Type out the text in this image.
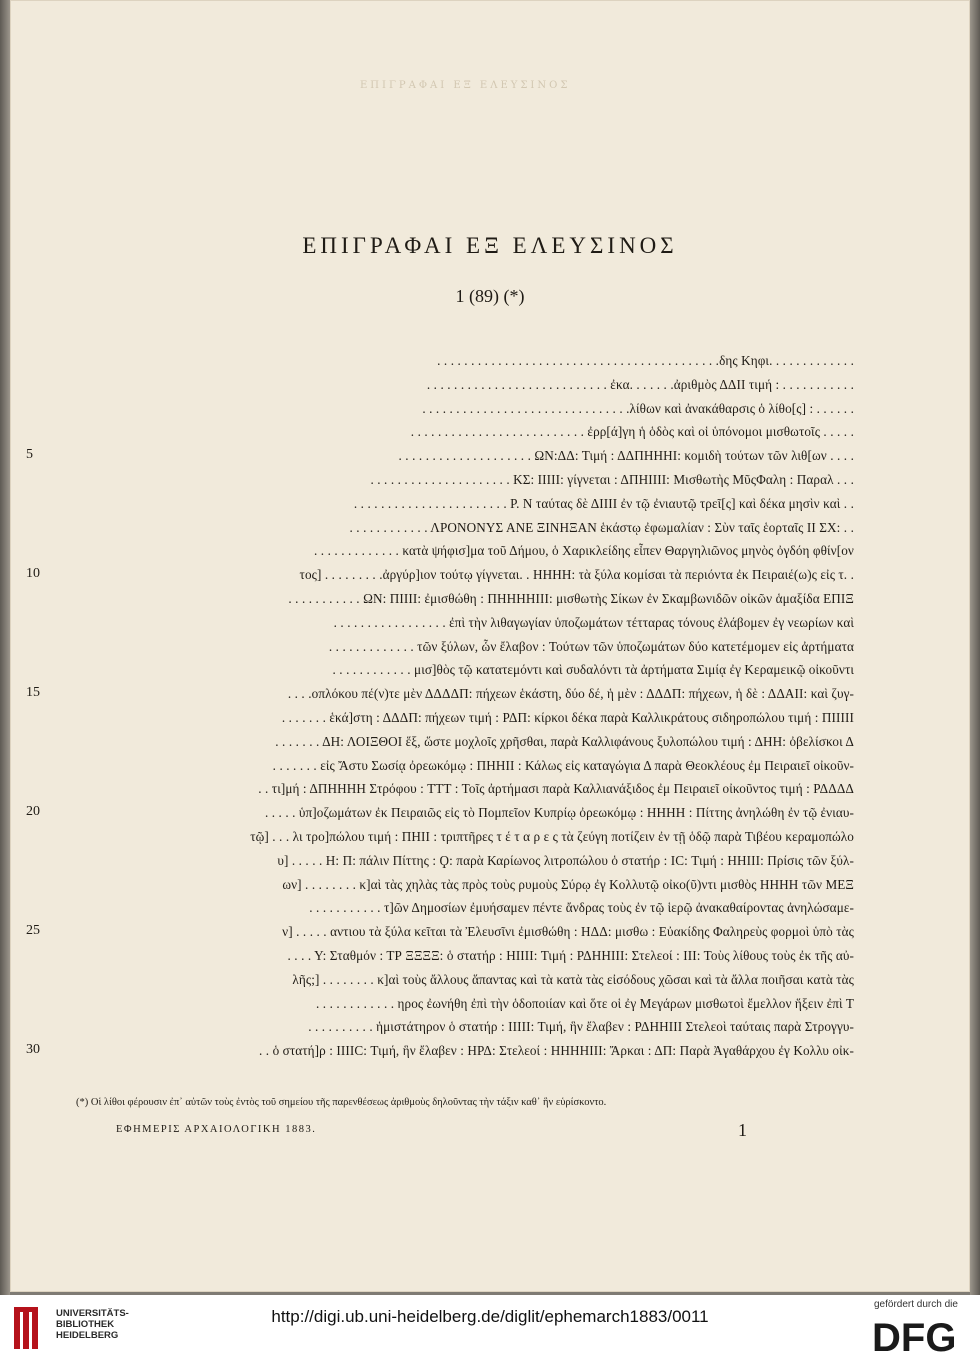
ΕΠΙΓΡΑΦΑΙ ΕΞ ΕΛΕΥΣΙΝΟΣ
ΕΠΙΓΡΑΦΑΙ ΕΞ ΕΛΕΥΣΙΝΟΣ
1 (89) (*)
. . . . . . . . . . . . . . . . . . . . . . . . . . . . . . . . . . . . . . . . . .δης Κηφι. . . . . . . . . . . . .
. . . . . . . . . . . . . . . . . . . . . . . . . . . ἐκα. . . . . . .ἀριθμὸς ΔΔΙΙ τιμή : . . . . . . . . . . .
. . . . . . . . . . . . . . . . . . . . . . . . . . . . . . .λίθων καὶ ἀνακάθαρσις ὁ λίθο[ς] : . . . . . .
. . . . . . . . . . . . . . . . . . . . . . . . . . ἐρρ[ά]γη ἡ ὁδὸς καὶ οἱ ὑπόνομοι μισθωτοῖς . . . . .
5	. . . . . . . . . . . . . . . . . . . . ΩΝ:ΔΔ: Τιμή : ΔΔΠΗΗΗΙ: κομιδὴ τούτων τῶν λιθ[ων . . . .
. . . . . . . . . . . . . . . . . . . . . ΚΣ: ΙΙΙΙΙ: γίγνεται : ΔΠΗΙΙΙΙ: Μισθωτὴς ΜῦςΦαλη : Παραλ . . .
. . . . . . . . . . . . . . . . . . . . . . . P. Ν ταύτας δὲ ΔΙΙΙΙ ἐν τῷ ἐνιαυτῷ τρεῖ[ς] καὶ δέκα μησὶν καὶ . .
. . . . . . . . . . . . ΛΡΟΝΟΝΥΣ ΑΝΕ ΞΙΝΗΞΑΝ ἑκάστῳ ἐφωμαλίαν : Σὺν ταῖς ἑορταῖς ΙΙ ΣΧ: . .
. . . . . . . . . . . . . κατὰ ψήφισ]μα τοῦ Δήμου, ὁ Χαρικλείδης εἶπεν Θαργηλιῶνος μηνὸς ὀγδόη φθίν[ον
10	τος] . . . . . . . . .ἀργύρ]ιον τούτῳ γίγνεται. . ΗΗΗΗ: τὰ ξύλα κομίσαι τὰ περιόντα ἐκ Πειραιέ(ω)ς εἰς τ. .
. . . . . . . . . . . ΩΝ: ΠΙΙΙΙ: ἐμισθώθη : ΠΗΗΗΗΙΙΙ: μισθωτὴς Σίκων ἐν Σκαμβωνιδῶν οἰκῶν ἁμαξίδα ΕΠΙΞ
. . . . . . . . . . . . . . . . . ἐπὶ τὴν λιθαγωγίαν ὑποζωμάτων τέτταρας τόνους ἐλάβομεν ἐγ νεωρίων καὶ
. . . . . . . . . . . . . τῶν ξύλων, ὧν ἔλαβον : Τούτων τῶν ὑποζωμάτων δύο κατετέμομεν εἰς ἀρτήματα
. . . . . . . . . . . . μισ]θὸς τῷ κατατεμόντι καὶ συδαλόντι τὰ ἀρτήματα Σιμίᾳ ἐγ Κεραμεικῷ οἰκοῦντι
15	. . . .οπλόκου πέ(ν)τε μὲν ΔΔΔΔΠ: πήχεων ἑκάστη, δύο δέ, ἡ μὲν : ΔΔΔΠ: πήχεων, ἡ δὲ : ΔΔΑΙΙ: καὶ ζυγ-
. . . . . . . ἑκά]στη : ΔΔΔΠ: πήχεων τιμή : ΡΔΠ: κίρκοι δέκα παρὰ Καλλικράτους σιδηροπώλου τιμή : ΠΙΙΙΙΙ
. . . . . . . ΔΗ: ΛΟΙΞΘΟΙ ἕξ, ὥστε μοχλοῖς χρῆσθαι, παρὰ Καλλιφάνους ξυλοπώλου τιμή : ΔΗΗ: ὀβελίσκοι Δ
. . . . . . . εἰς Ἄστυ Σωσίᾳ ὀρεωκόμῳ : ΠΗΗΙΙ : Κάλως εἰς καταγώγια Δ παρὰ Θεοκλέους ἐμ Πειραιεῖ οἰκοῦν-
. . τι]μή : ΔΠΗΗΗΗ Στρόφου : ΤΤΤ : Τοῖς ἀρτήμασι παρὰ Καλλιανάξιδος ἐμ Πειραιεῖ οἰκοῦντος τιμή : ΡΔΔΔΔ
20	. . . . . ὑπ]οζωμάτων ἐκ Πειραιῶς εἰς τὸ Πομπεῖον Κυπρίῳ ὀρεωκόμῳ : ΗΗΗΗ : Πίττης ἀνηλώθη ἐν τῷ ἐνιαυ-
τῷ] . . . λι τρο]πώλου τιμή : ΠΗΙΙ : τριπτῆρες τ έ τ α ρ ε ς τὰ ζεύγη ποτίζειν ἐν τῇ ὁδῷ παρὰ Τιβέου κεραμοπώλο
υ] . . . . . Η: Π: πάλιν Πίττης : Ϙ: παρὰ Καρίωνος λιτροπώλου ὁ στατήρ : ΙC: Τιμή : ΗΗΙΙΙ: Πρίσις τῶν ξύλ-
ων] . . . . . . . . κ]αὶ τὰς χηλὰς τὰς πρὸς τοὺς ρυμοὺς Σύρῳ ἐγ Κολλυτῷ οἰκο(ῦ)ντι μισθὸς ΗΗΗΗ τῶν ΜΕΞ
. . . . . . . . . . . τ]ῶν Δημοσίων ἐμυήσαμεν πέντε ἄνδρας τοὺς ἐν τῷ ἱερῷ ἀνακαθαίροντας ἀνηλώσαμε-
25	ν] . . . . . αντιου τὰ ξύλα κεῖται τὰ Ἐλευσῖνι ἐμισθώθη : ΗΔΔ: μισθω : Εὐακίδης Φαληρεὺς φορμοὶ ὑπὸ τὰς
. . . . Υ: Σταθμόν : ΤΡ ΞΞΞΞ: ὁ στατήρ : ΗΙΙΙΙ: Τιμή : ΡΔΗΗΙΙΙ: Στελεοί : ΙΙΙ: Τοὺς λίθους τοὺς ἐκ τῆς αὐ-
λῆς;] . . . . . . . . κ]αὶ τοὺς ἄλλους ἅπαντας καὶ τὰ κατὰ τὰς εἰσόδους χῶσαι καὶ τὰ ἄλλα ποιῆσαι κατὰ τὰς
. . . . . . . . . . . . ηρος ἐωνήθη ἐπὶ τὴν ὁδοποιίαν καὶ ὅτε οἱ ἐγ Μεγάρων μισθωτοὶ ἔμελλον ἥξειν ἐπὶ Τ
. . . . . . . . . . ἡμιστάτηρον ὁ στατήρ : ΙΙΙΙΙ: Τιμή, ἣν ἔλαβεν : ΡΔΗΗΙΙΙ Στελεοὶ ταύταις παρὰ Στρογγυ-
30	. . ὁ στατή]ρ : ΙΙΙΙC: Τιμή, ἣν ἔλαβεν : ΗΡΔ: Στελεοί : ΗΗΗΗΙΙΙ: Ἄρκαι : ΔΠ: Παρὰ Ἀγαθάρχου ἐγ Κολλυ οἰκ-
(*) Οἱ λίθοι φέρουσιν ἐπ᾽ αὐτῶν τοὺς ἐντὸς τοῦ σημείου τῆς παρενθέσεως ἀριθμοὺς δηλοῦντας τὴν τάξιν καθ᾽ ἣν εὑρίσκοντο.
ΕΦΗΜΕΡΙΣ ΑΡΧΑΙΟΛΟΓΙΚΗ 1883.	1
UNIVERSITÄTS-
BIBLIOTHEK
HEIDELBERG
http://digi.ub.uni-heidelberg.de/diglit/ephemarch1883/0011
gefördert durch die
DFG
